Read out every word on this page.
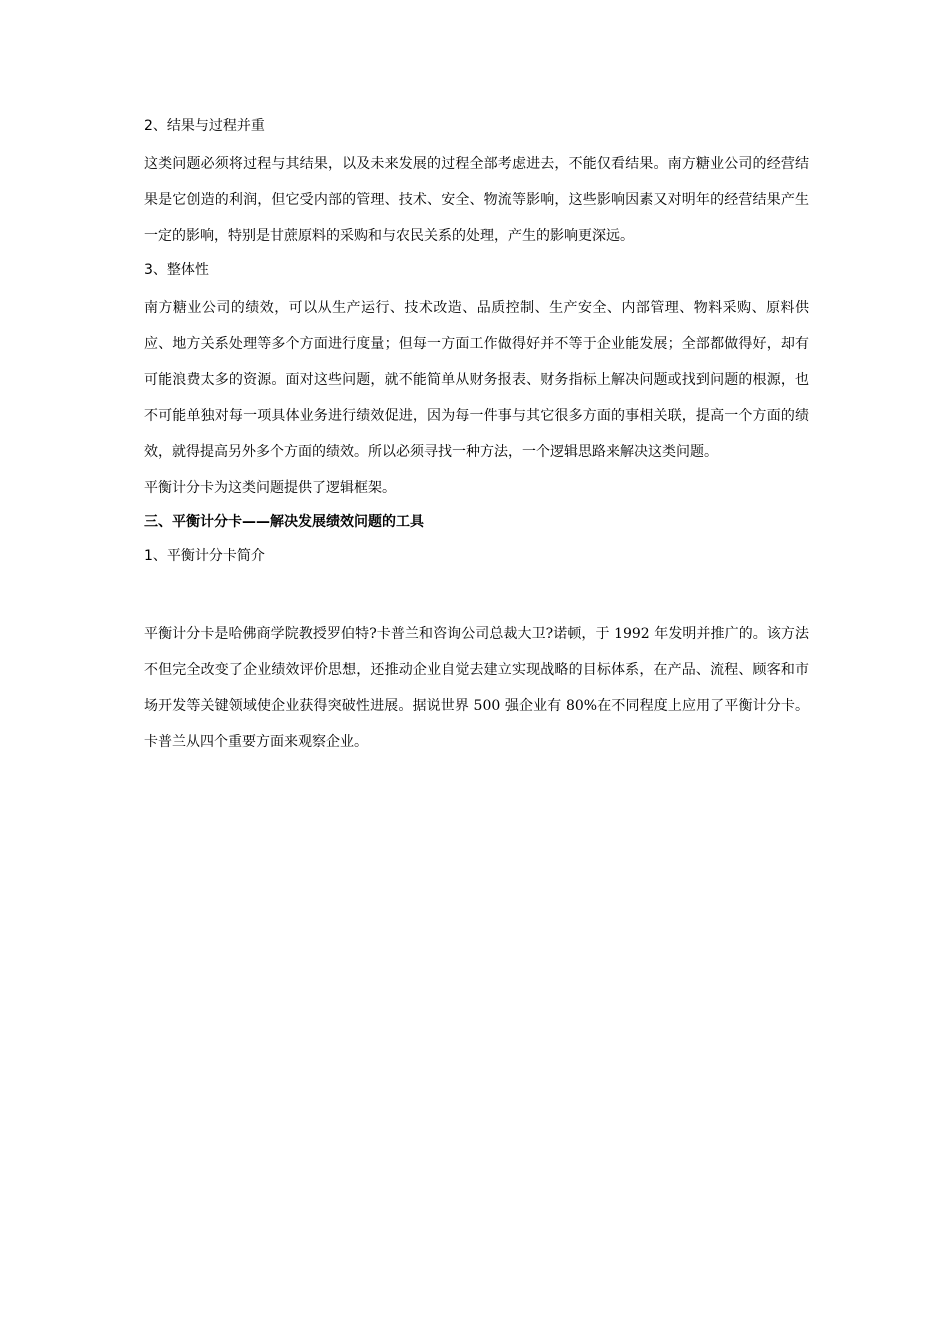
2、结果与过程并重

这类问题必须将过程与其结果，以及未来发展的过程全部考虑进去，不能仅看结果。南方糖业公司的经营结果是它创造的利润，但它受内部的管理、技术、安全、物流等影响，这些影响因素又对明年的经营结果产生一定的影响，特别是甘蔗原料的采购和与农民关系的处理，产生的影响更深远。

3、整体性

南方糖业公司的绩效，可以从生产运行、技术改造、品质控制、生产安全、内部管理、物料采购、原料供应、地方关系处理等多个方面进行度量；但每一方面工作做得好并不等于企业能发展；全部都做得好，却有可能浪费太多的资源。面对这些问题，就不能简单从财务报表、财务指标上解决问题或找到问题的根源，也不可能单独对每一项具体业务进行绩效促进，因为每一件事与其它很多方面的事相关联，提高一个方面的绩效，就得提高另外多个方面的绩效。所以必须寻找一种方法，一个逻辑思路来解决这类问题。

平衡计分卡为这类问题提供了逻辑框架。

三、平衡计分卡——解决发展绩效问题的工具
1、平衡计分卡简介

平衡计分卡是哈佛商学院教授罗伯特?卡普兰和咨询公司总裁大卫?诺顿，于 1992 年发明并推广的。该方法不但完全改变了企业绩效评价思想，还推动企业自觉去建立实现战略的目标体系，在产品、流程、顾客和市场开发等关键领域使企业获得突破性进展。据说世界 500 强企业有 80%在不同程度上应用了平衡计分卡。卡普兰从四个重要方面来观察企业。
